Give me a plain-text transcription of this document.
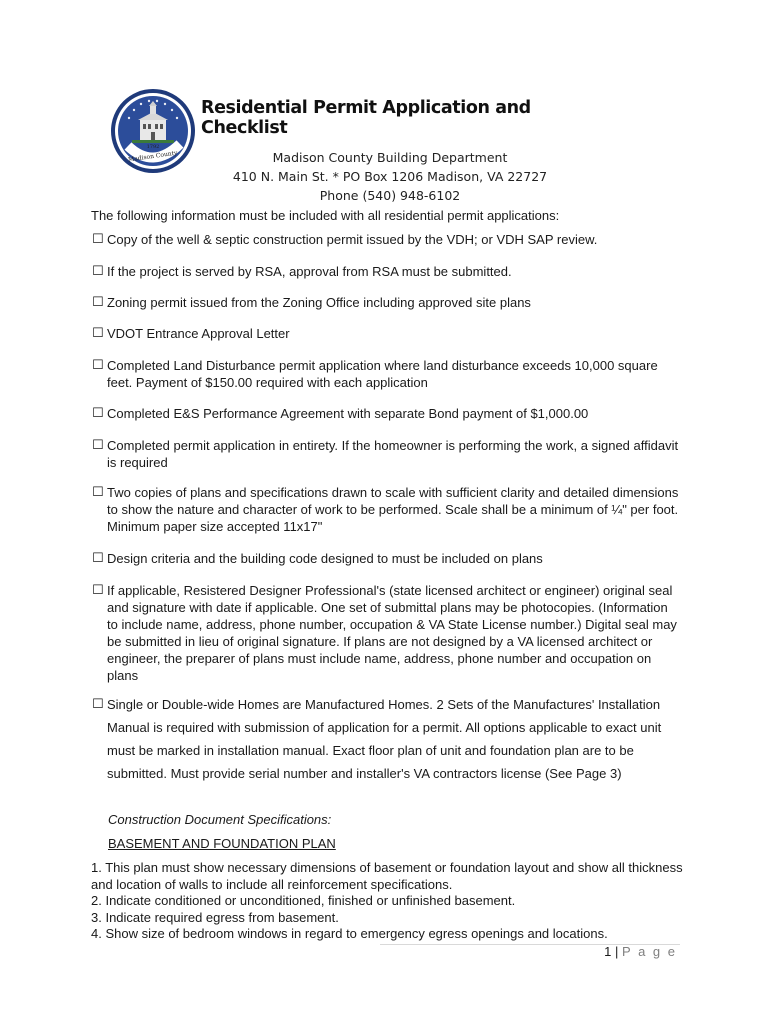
1792
Madison County
Residential Permit Application and Checklist
Madison County Building Department
410 N. Main St. * PO Box 1206 Madison, VA 22727
Phone (540) 948-6102
The following information must be included with all residential permit applications:
☐ Copy of the well & septic construction permit issued by the VDH; or VDH SAP review.
☐ If the project is served by RSA, approval from RSA must be submitted.
☐ Zoning permit issued from the Zoning Office including approved site plans
☐ VDOT Entrance Approval Letter
☐ Completed Land Disturbance permit application where land disturbance exceeds 10,000 square feet. Payment of $150.00 required with each application
☐ Completed E&S Performance Agreement with separate Bond payment of $1,000.00
☐ Completed permit application in entirety. If the homeowner is performing the work, a signed affidavit is required
☐ Two copies of plans and specifications drawn to scale with sufficient clarity and detailed dimensions to show the nature and character of work to be performed. Scale shall be a minimum of ¼" per foot. Minimum paper size accepted 11x17"
☐ Design criteria and the building code designed to must be included on plans
☐ If applicable, Resistered Designer Professional's (state licensed architect or engineer) original seal and signature with date if applicable. One set of submittal plans may be photocopies. (Information to include name, address, phone number, occupation & VA State License number.) Digital seal may be submitted in lieu of original signature. If plans are not designed by a VA licensed architect or engineer, the preparer of plans must include name, address, phone number and occupation on plans
☐ Single or Double-wide Homes are Manufactured Homes. 2 Sets of the Manufactures' Installation Manual is required with submission of application for a permit. All options applicable to exact unit must be marked in installation manual. Exact floor plan of unit and foundation plan are to be submitted. Must provide serial number and installer's VA contractors license (See Page 3)
Construction Document Specifications:
BASEMENT AND FOUNDATION PLAN
1. This plan must show necessary dimensions of basement or foundation layout and show all thickness and location of walls to include all reinforcement specifications.
2. Indicate conditioned or unconditioned, finished or unfinished basement.
3. Indicate required egress from basement.
4. Show size of bedroom windows in regard to emergency egress openings and locations.
1 | P a g e
